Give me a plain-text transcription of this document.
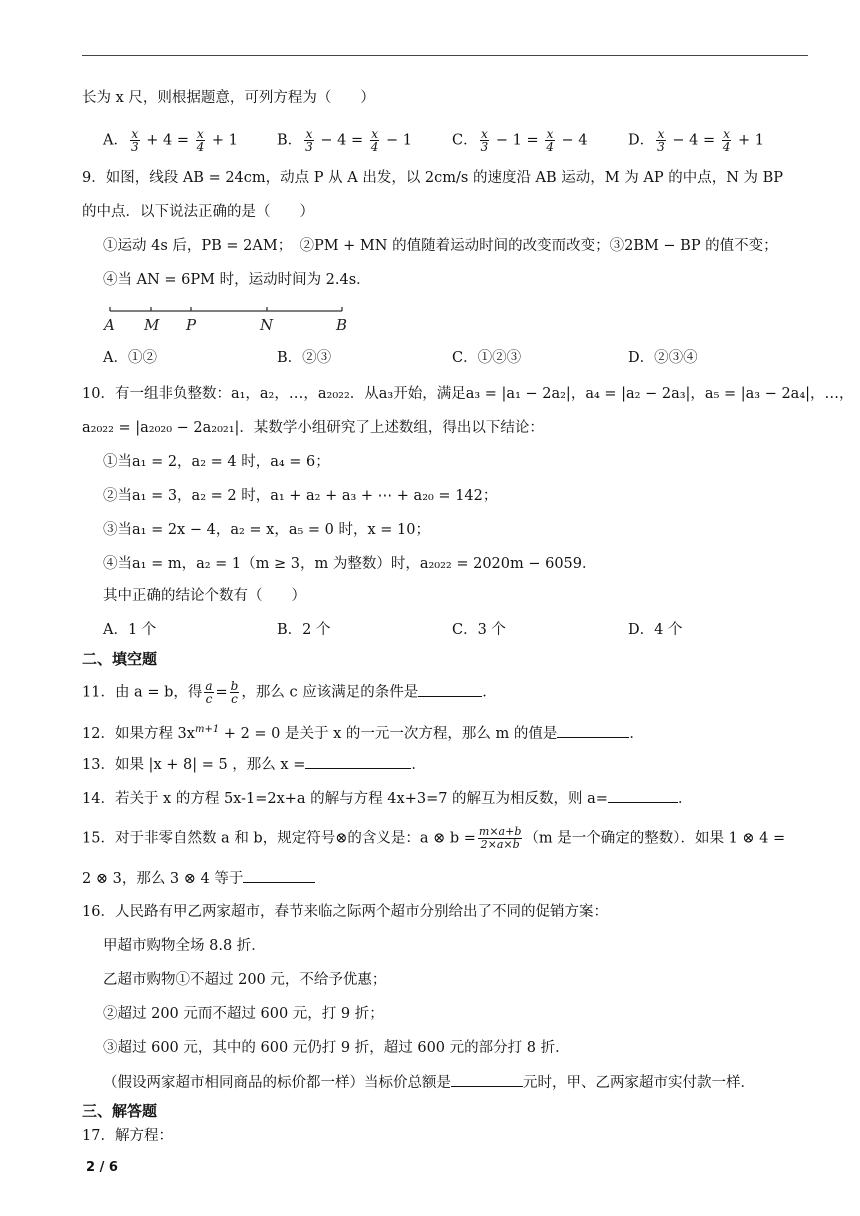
长为 x 尺，则根据题意，可列方程为（　　）
A． $\frac{x}{3} + 4 = \frac{x}{4} + 1$	B． $\frac{x}{3} - 4 = \frac{x}{4} - 1$	C． $\frac{x}{3} - 1 = \frac{x}{4} - 4$	D． $\frac{x}{3} - 4 = \frac{x}{4} + 1$
9．如图，线段 AB = 24cm，动点 P 从 A 出发，以 2cm/s 的速度沿 AB 运动，M 为 AP 的中点，N 为 BP
的中点．以下说法正确的是（　　）
①运动 4s 后，PB = 2AM；　②PM + MN 的值随着运动时间的改变而改变；③2BM − BP 的值不变；
④当 AN = 6PM 时，运动时间为 2.4s．
A M P	N	B
A．①②	B．②③	C．①②③	D．②③④
10．有一组非负整数：a₁，a₂，…，a₂₀₂₂．从a₃开始，满足a₃ = |a₁ − 2a₂|，a₄ = |a₂ − 2a₃|，a₅ = |a₃ − 2a₄|，…，
a₂₀₂₂ = |a₂₀₂₀ − 2a₂₀₂₁|．某数学小组研究了上述数组，得出以下结论：
①当a₁ = 2，a₂ = 4 时，a₄ = 6；
②当a₁ = 3，a₂ = 2 时，a₁ + a₂ + a₃ + ⋯ + a₂₀ = 142；
③当a₁ = 2x − 4，a₂ = x，a₅ = 0 时，x = 10；
④当a₁ = m，a₂ = 1（m ≥ 3，m 为整数）时，a₂₀₂₂ = 2020m − 6059．
其中正确的结论个数有（　　）
A．1 个	B．2 个	C．3 个	D．4 个
二、填空题
11．由 a = b，得 $\frac{a}{c} = \frac{b}{c}$ ，那么 c 应该满足的条件是	．
12．如果方程 $3x^{m+1} + 2 = 0$ 是关于 x 的一元一次方程，那么 m 的值是	．
13．如果 |x + 8| = 5 ，那么 x =	．
14．若关于 x 的方程 5x-1=2x+a 的解与方程 4x+3=7 的解互为相反数，则 a=	．
15．对于非零自然数 a 和 b，规定符号⊗的含义是：a ⊗ $b = \frac{m\times a+b}{2\times a\times b} (m$ 是一个确定的整数）．如果 1 ⊗ 4 =
2 ⊗ 3，那么 3 ⊗ 4 等于
16．人民路有甲乙两家超市，春节来临之际两个超市分别给出了不同的促销方案：
甲超市购物全场 8.8 折．
乙超市购物①不超过 200 元，不给予优惠；
②超过 200 元而不超过 600 元，打 9 折；
③超过 600 元，其中的 600 元仍打 9 折，超过 600 元的部分打 8 折．
（假设两家超市相同商品的标价都一样）当标价总额是	元时，甲、乙两家超市实付款一样．
三、解答题
17．解方程：
2 / 6
